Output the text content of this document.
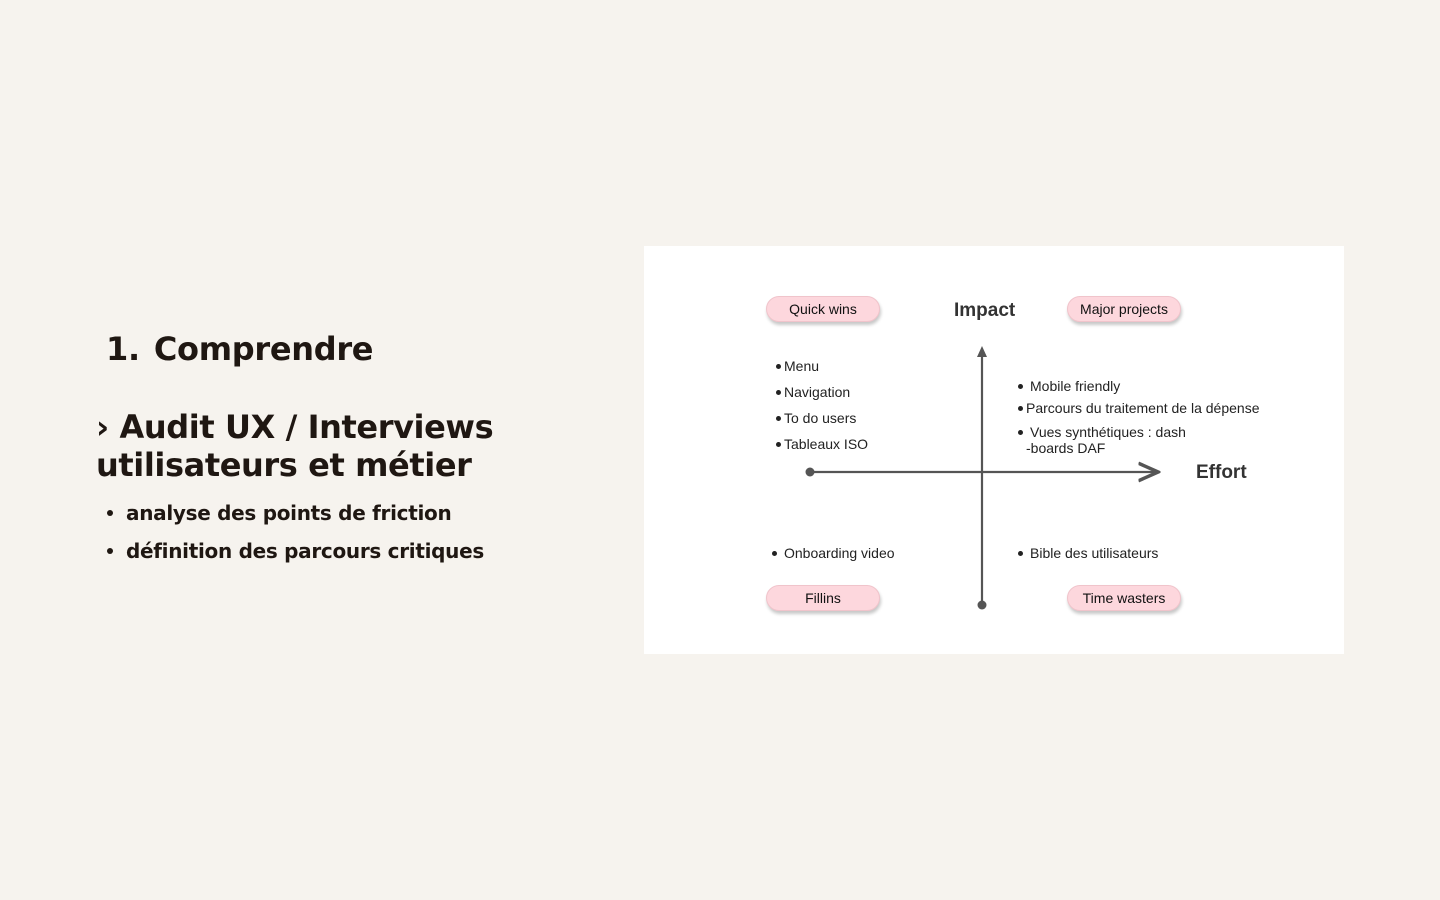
1. Comprendre
› Audit UX / Interviews
utilisateurs et métier
analyse des points de friction
définition des parcours critiques
Impact
Effort
Quick wins	Major projects
Fillins	Time wasters
Menu
Navigation
To do users
Tableaux ISO
Mobile friendly
Parcours du traitement de la dépense
Vues synthétiques : dash
-boards DAF
Onboarding video	Bible des utilisateurs
